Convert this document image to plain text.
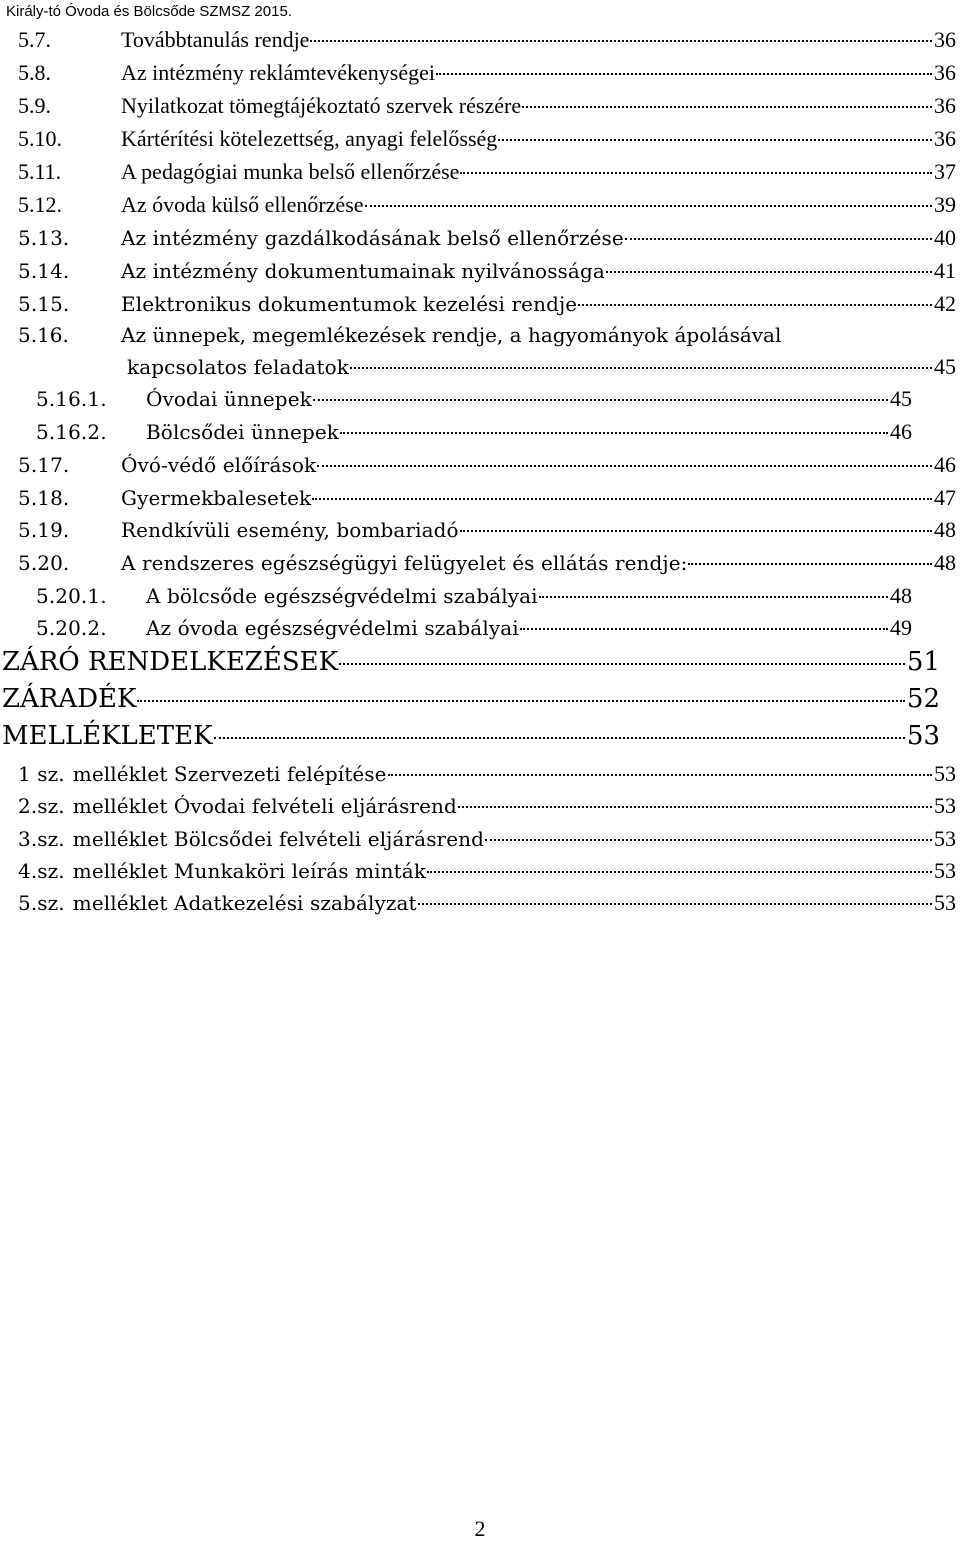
Király-tó Óvoda és Bölcsőde SZMSZ 2015.
5.7.	Továbbtanulás rendje	36
5.8.	Az intézmény reklámtevékenységei	36
5.9.	Nyilatkozat tömegtájékoztató szervek részére	36
5.10.	Kártérítési kötelezettség, anyagi felelősség	36
5.11.	A pedagógiai munka belső ellenőrzése	37
5.12.	Az óvoda külső ellenőrzése	39
5.13.	Az intézmény gazdálkodásának belső ellenőrzése	40
5.14.	Az intézmény dokumentumainak nyilvánossága	41
5.15.	Elektronikus dokumentumok kezelési rendje	42
5.16.	Az ünnepek, megemlékezések rendje, a hagyományok ápolásával
kapcsolatos feladatok	45
5.16.1.	Óvodai ünnepek	45
5.16.2.	Bölcsődei ünnepek	46
5.17.	Óvó-védő előírások	46
5.18.	Gyermekbalesetek	47
5.19.	Rendkívüli esemény, bombariadó	48
5.20.	A rendszeres egészségügyi felügyelet és ellátás rendje:	48
5.20.1.	A bölcsőde egészségvédelmi szabályai	48
5.20.2.	Az óvoda egészségvédelmi szabályai	49
ZÁRÓ RENDELKEZÉSEK	51
ZÁRADÉK	52
MELLÉKLETEK	53
1 sz. melléklet Szervezeti felépítése	53
2.sz. melléklet Óvodai felvételi eljárásrend	53
3.sz. melléklet Bölcsődei felvételi eljárásrend	53
4.sz. melléklet Munkaköri leírás minták	53
5.sz. melléklet Adatkezelési szabályzat	53
2
